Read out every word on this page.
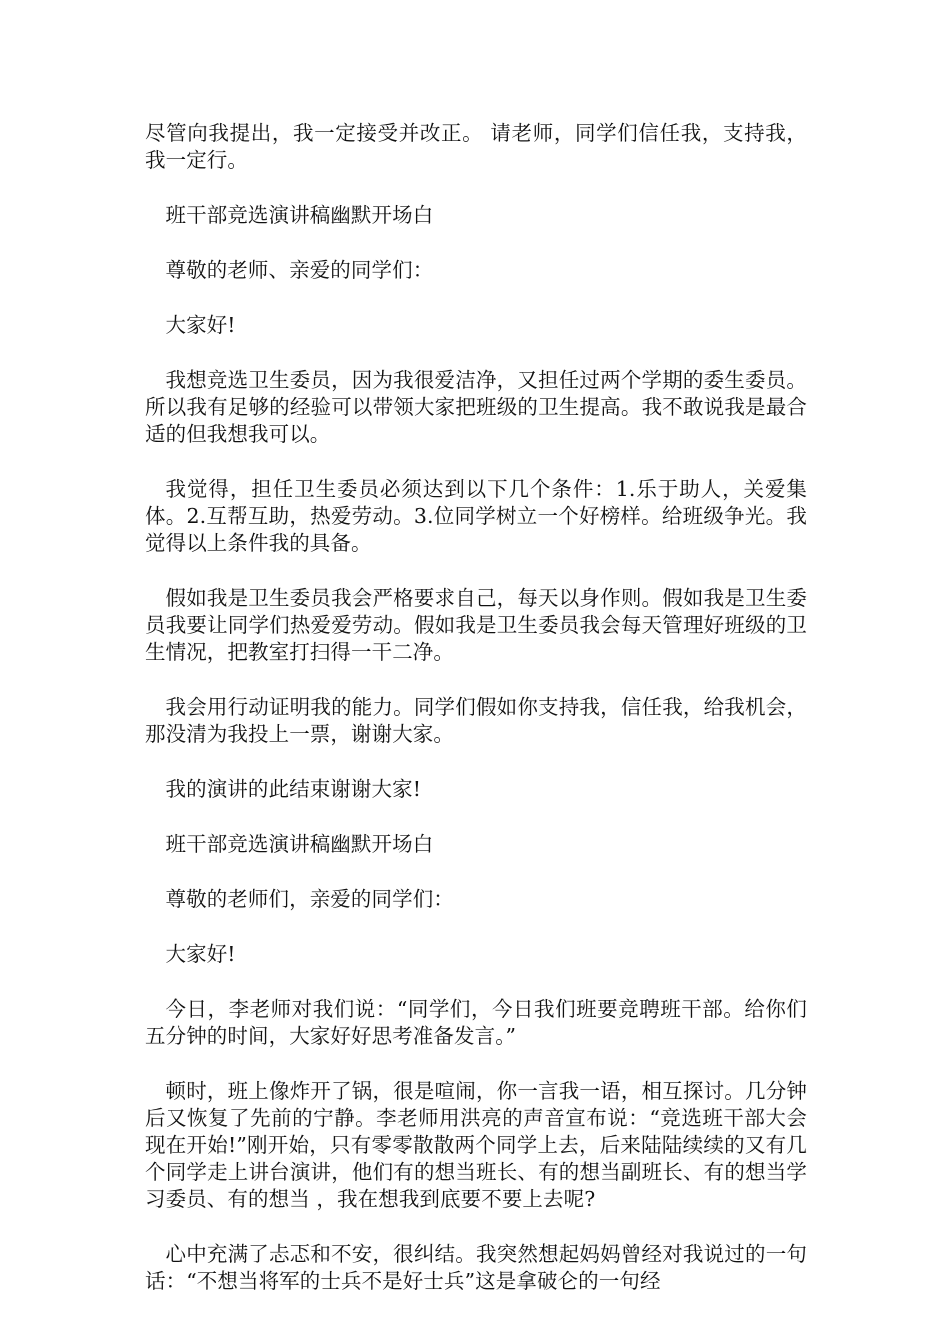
尽管向我提出，我一定接受并改正。 请老师，同学们信任我，支持我，我一定行。

班干部竞选演讲稿幽默开场白

尊敬的老师、亲爱的同学们：

大家好!

我想竞选卫生委员，因为我很爱洁净，又担任过两个学期的委生委员。所以我有足够的经验可以带领大家把班级的卫生提高。我不敢说我是最合适的但我想我可以。

我觉得，担任卫生委员必须达到以下几个条件：1.乐于助人，关爱集体。2.互帮互助，热爱劳动。3.位同学树立一个好榜样。给班级争光。我觉得以上条件我的具备。

假如我是卫生委员我会严格要求自己，每天以身作则。假如我是卫生委员我要让同学们热爱爱劳动。假如我是卫生委员我会每天管理好班级的卫生情况，把教室打扫得一干二净。

我会用行动证明我的能力。同学们假如你支持我，信任我，给我机会，那没清为我投上一票，谢谢大家。

我的演讲的此结束谢谢大家!

班干部竞选演讲稿幽默开场白

尊敬的老师们，亲爱的同学们：

大家好!

今日，李老师对我们说：“同学们，今日我们班要竞聘班干部。给你们五分钟的时间，大家好好思考准备发言。”

顿时，班上像炸开了锅，很是喧闹，你一言我一语，相互探讨。几分钟后又恢复了先前的宁静。李老师用洪亮的声音宣布说：“竞选班干部大会现在开始!”刚开始，只有零零散散两个同学上去，后来陆陆续续的又有几个同学走上讲台演讲，他们有的想当班长、有的想当副班长、有的想当学习委员、有的想当 ，我在想我到底要不要上去呢?

心中充满了忐忑和不安，很纠结。我突然想起妈妈曾经对我说过的一句话：“不想当将军的士兵不是好士兵”这是拿破仑的一句经
